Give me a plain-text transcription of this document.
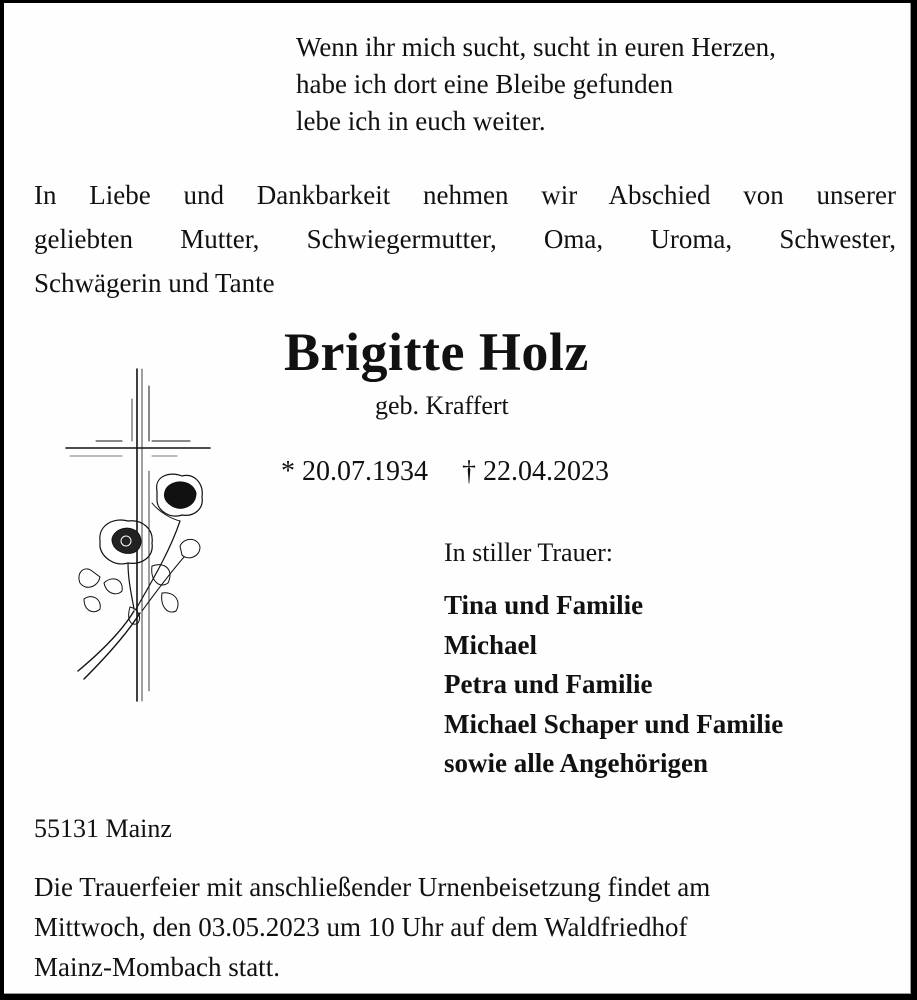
Wenn ihr mich sucht, sucht in euren Herzen,
habe ich dort eine Bleibe gefunden
lebe ich in euch weiter.
In Liebe und Dankbarkeit nehmen wir Abschied von unserer
geliebten Mutter, Schwiegermutter, Oma, Uroma, Schwester,
Schwägerin und Tante
Brigitte Holz
geb. Kraffert
* 20.07.1934 † 22.04.2023
In stiller Trauer:
Tina und Familie
Michael
Petra und Familie
Michael Schaper und Familie
sowie alle Angehörigen
55131 Mainz
Die Trauerfeier mit anschließender Urnenbeisetzung findet am
Mittwoch, den 03.05.2023 um 10 Uhr auf dem Waldfriedhof
Mainz-Mombach statt.
